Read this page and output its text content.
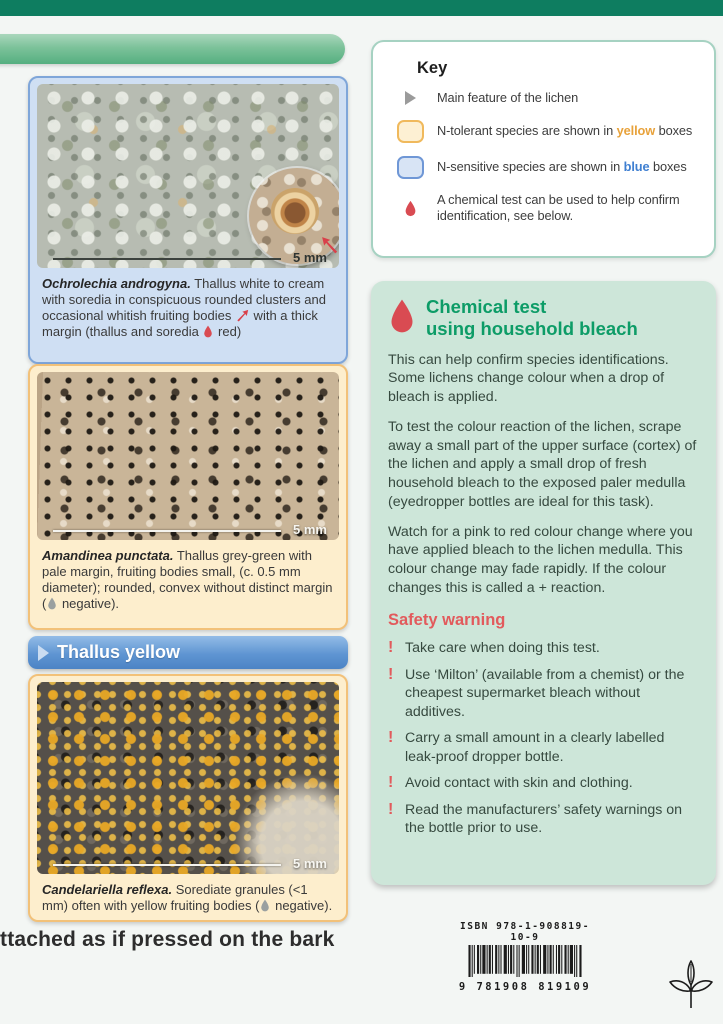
Key
Main feature of the lichen
N-tolerant species are shown in yellow boxes
N-sensitive species are shown in blue boxes
A chemical test can be used to help confirm identification, see below.
5 mm

Ochrolechia androgyna. Thallus white to cream with soredia in conspicuous rounded clusters and occasional whitish fruiting bodies  with a thick margin (thallus and soredia  red)

5 mm

Amandinea punctata. Thallus grey-green with pale margin, fruiting bodies small, (c. 0.5 mm diameter); rounded, convex without distinct margin ( negative).

Thallus yellow
5 mm

Candelariella reflexa. Sorediate granules (<1 mm) often with yellow fruiting bodies ( negative).

Chemical test
using household bleach

This can help confirm species identifications. Some lichens change colour when a drop of bleach is applied.

To test the colour reaction of the lichen, scrape away a small part of the upper surface (cortex) of the lichen and apply a small drop of fresh household bleach to the exposed paler medulla (eyedropper bottles are ideal for this task).

Watch for a pink to red colour change where you have applied bleach to the lichen medulla. This colour change may fade rapidly. If the colour changes this is called a + reaction.

Safety warning
! Take care when doing this test.
! Use ‘Milton’ (available from a chemist) or the cheapest supermarket bleach without additives.
! Carry a small amount in a clearly labelled leak-proof dropper bottle.
! Avoid contact with skin and clothing.
! Read the manufacturers’ safety warnings on the bottle prior to use.
ttached as if pressed on the bark
ISBN 978-1-908819-10-9
9 781908 819109
